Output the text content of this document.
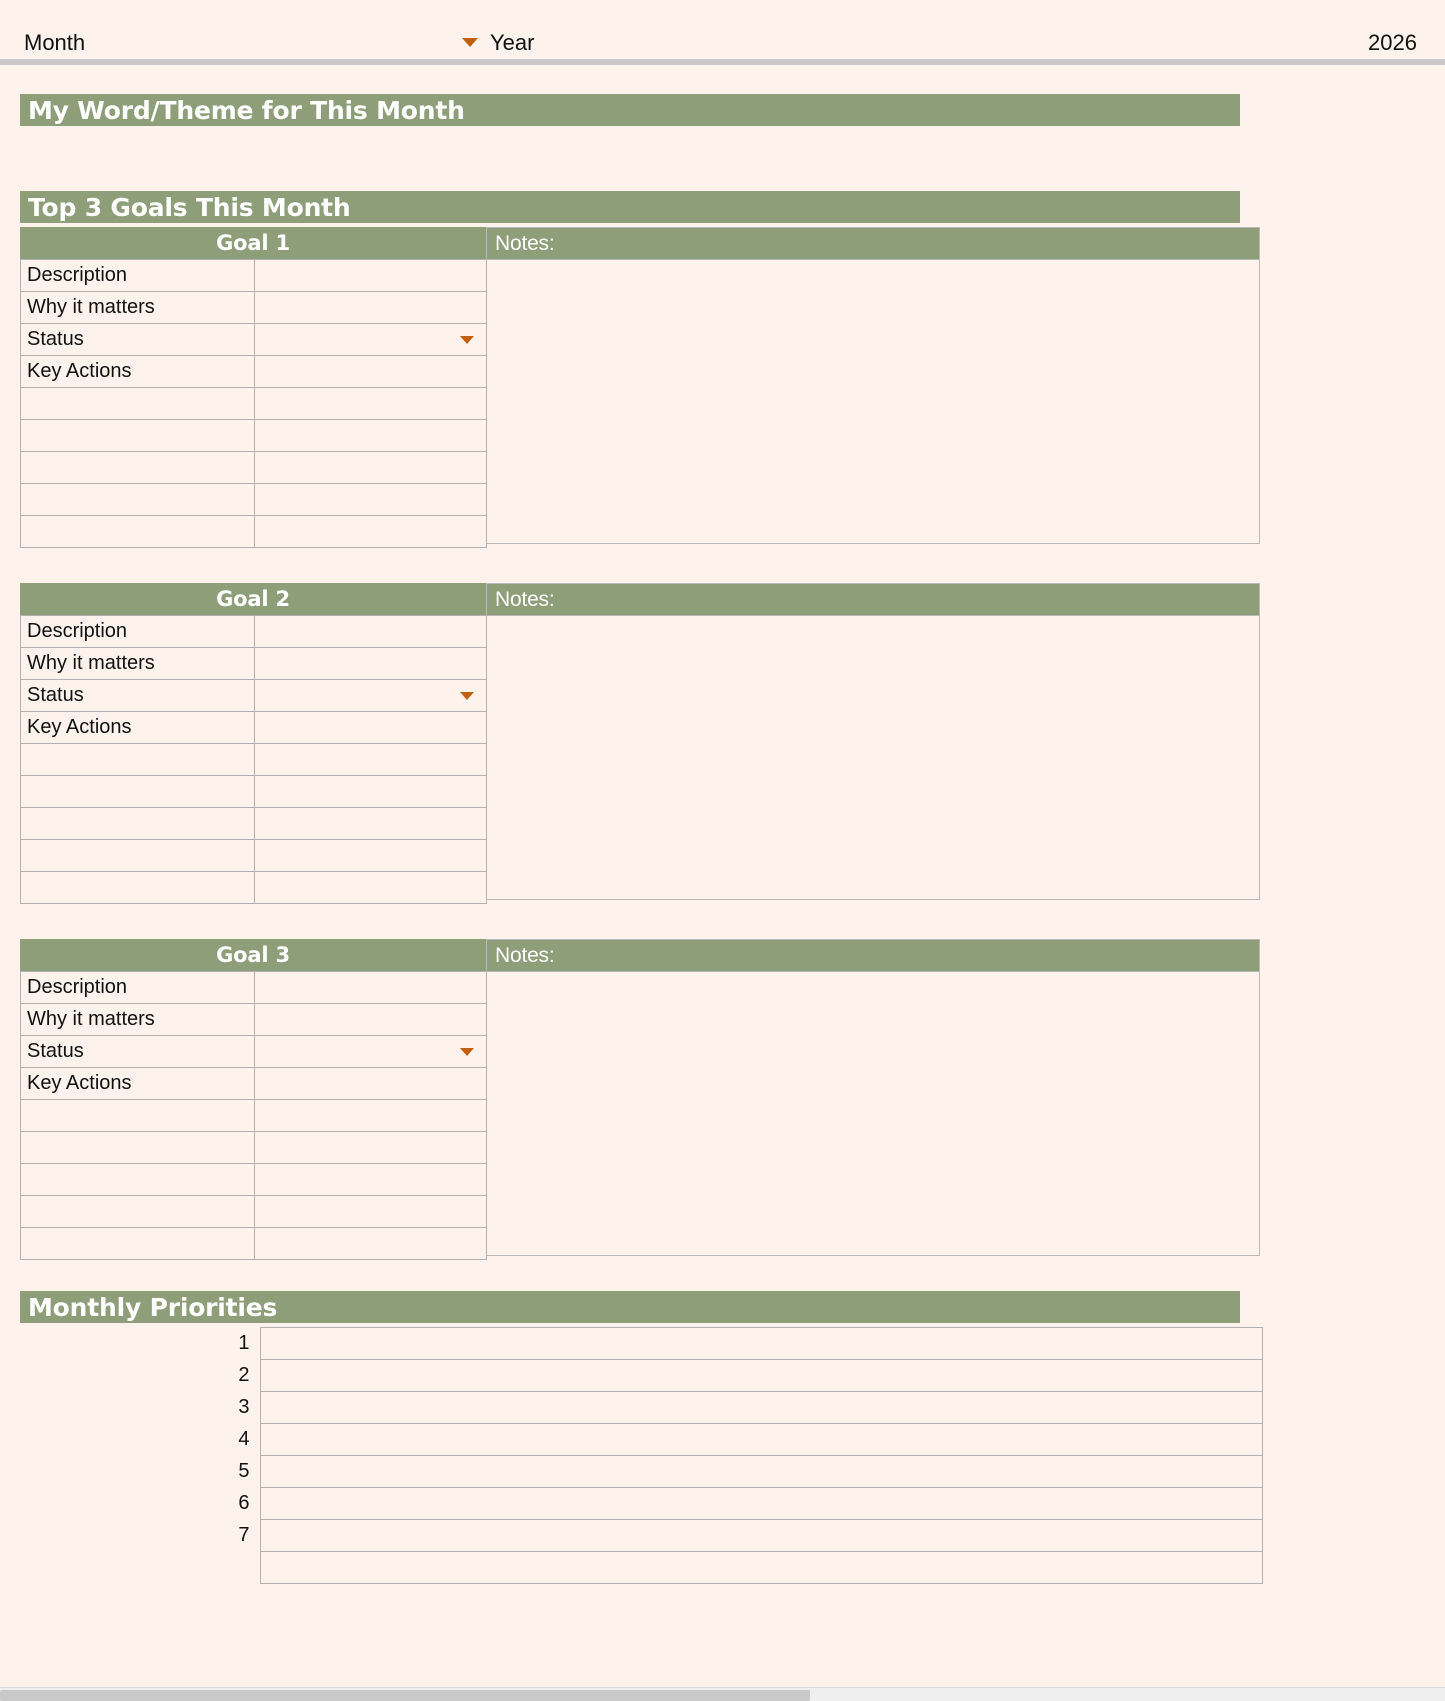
Month	Year	2026
My Word/Theme for This Month
Top 3 Goals This Month
Goal 1	Notes:
Description	
Why it matters	
Status	

Key Actions	

Goal 2	Notes:
Description	
Why it matters	
Status	

Key Actions	

Goal 3	Notes:
Description	
Why it matters	
Status	

Key Actions	

Monthly Priorities
1	
2	
3	
4	
5	
6	
7	
